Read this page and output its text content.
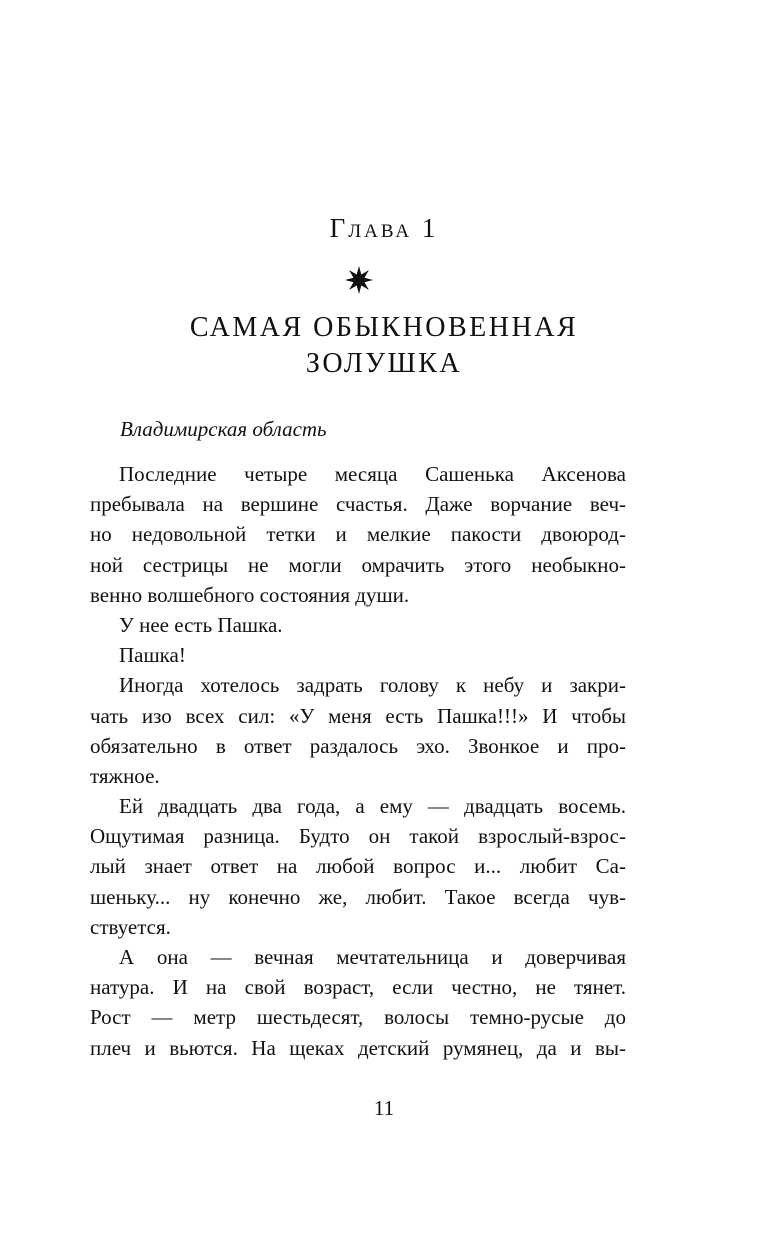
Глава 1
САМАЯ ОБЫКНОВЕННАЯ
ЗОЛУШКА
Владимирская область
Последние четыре месяца Сашенька Аксенова
пребывала на вершине счастья. Даже ворчание веч-
но недовольной тетки и мелкие пакости двоюрод-
ной сестрицы не могли омрачить этого необыкно-
венно волшебного состояния души.
У нее есть Пашка.
Пашка!
Иногда хотелось задрать голову к небу и закри-
чать изо всех сил: «У меня есть Пашка!!!» И чтобы
обязательно в ответ раздалось эхо. Звонкое и про-
тяжное.
Ей двадцать два года, а ему — двадцать восемь.
Ощутимая разница. Будто он такой взрослый-взрос-
лый знает ответ на любой вопрос и... любит Са-
шеньку... ну конечно же, любит. Такое всегда чув-
ствуется.
А она — вечная мечтательница и доверчивая
натура. И на свой возраст, если честно, не тянет.
Рост — метр шестьдесят, волосы темно-русые до
плеч и вьются. На щеках детский румянец, да и вы-
11
